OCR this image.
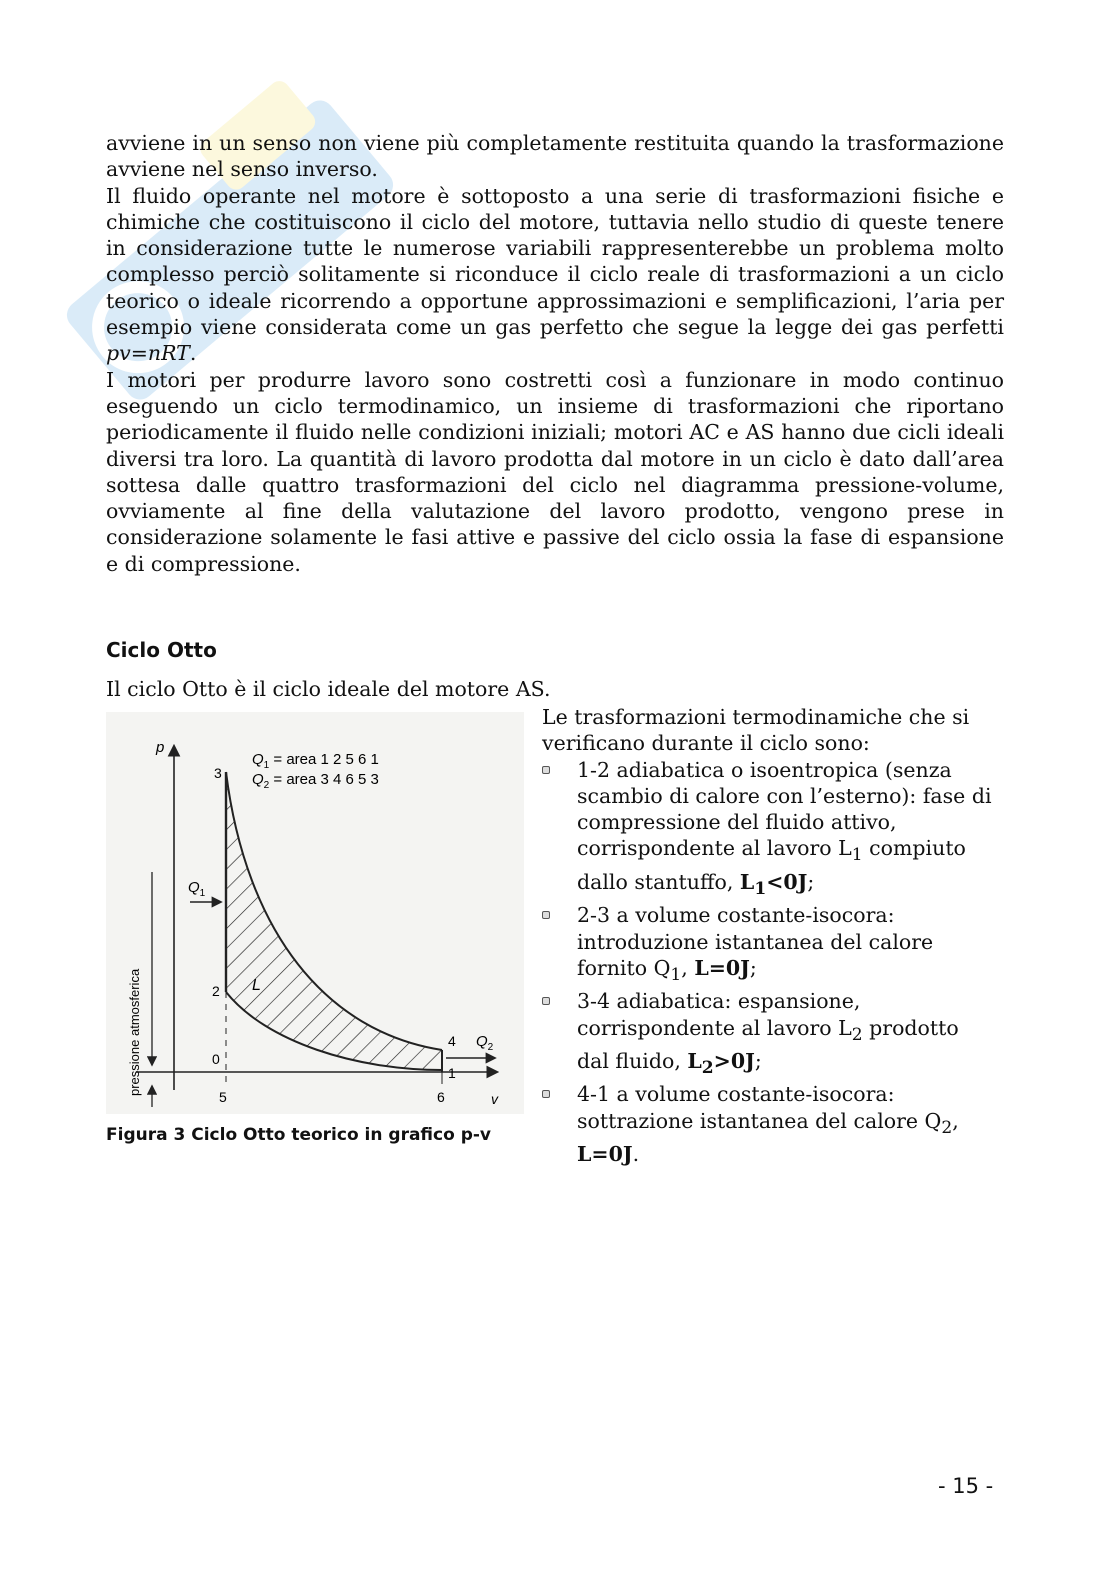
avviene in un senso non viene più completamente restituita quando la trasformazione avviene nel senso inverso.

Il fluido operante nel motore è sottoposto a una serie di trasformazioni fisiche e chimiche che costituiscono il ciclo del motore, tuttavia nello studio di queste tenere in considerazione tutte le numerose variabili rappresenterebbe un problema molto complesso perciò solitamente si riconduce il ciclo reale di trasformazioni a un ciclo teorico o ideale ricorrendo a opportune approssimazioni e semplificazioni, l’aria per esempio viene considerata come un gas perfetto che segue la legge dei gas perfetti pv=nRT.

I motori per produrre lavoro sono costretti così a funzionare in modo continuo eseguendo un ciclo termodinamico, un insieme di trasformazioni che riportano periodicamente il fluido nelle condizioni iniziali; motori AC e AS hanno due cicli ideali diversi tra loro. La quantità di lavoro prodotta dal motore in un ciclo è dato dall’area sottesa dalle quattro trasformazioni del ciclo nel diagramma pressione-volume, ovviamente al fine della valutazione del lavoro prodotto, vengono prese in considerazione solamente le fasi attive e passive del ciclo ossia la fase di espansione e di compressione.

Ciclo Otto

Il ciclo Otto è il ciclo ideale del motore AS.

p
v
$Q_1$ = area 1 2 5 6 1
$Q_2$ = area 3 4 6 5 3
$Q_1$
$Q_2$
L
0
1
2
3
4
5	6
pressione atmosferica

Figura 3 Ciclo Otto teorico in grafico p-v

Le trasformazioni termodinamiche che si verificano durante il ciclo sono:

1-2 adiabatica o isoentropica (senza scambio di calore con l’esterno): fase di compressione del fluido attivo, corrispondente al lavoro $L_1$ compiuto dallo stantuffo, $L_1<0J$;
2-3 a volume costante-isocora: introduzione istantanea del calore fornito $Q_1$, L=0J;
3-4 adiabatica: espansione, corrispondente al lavoro $L_2$ prodotto dal fluido, $L_2>0J$;
4-1 a volume costante-isocora: sottrazione istantanea del calore $Q_2$, L=0J.

- 15 -
